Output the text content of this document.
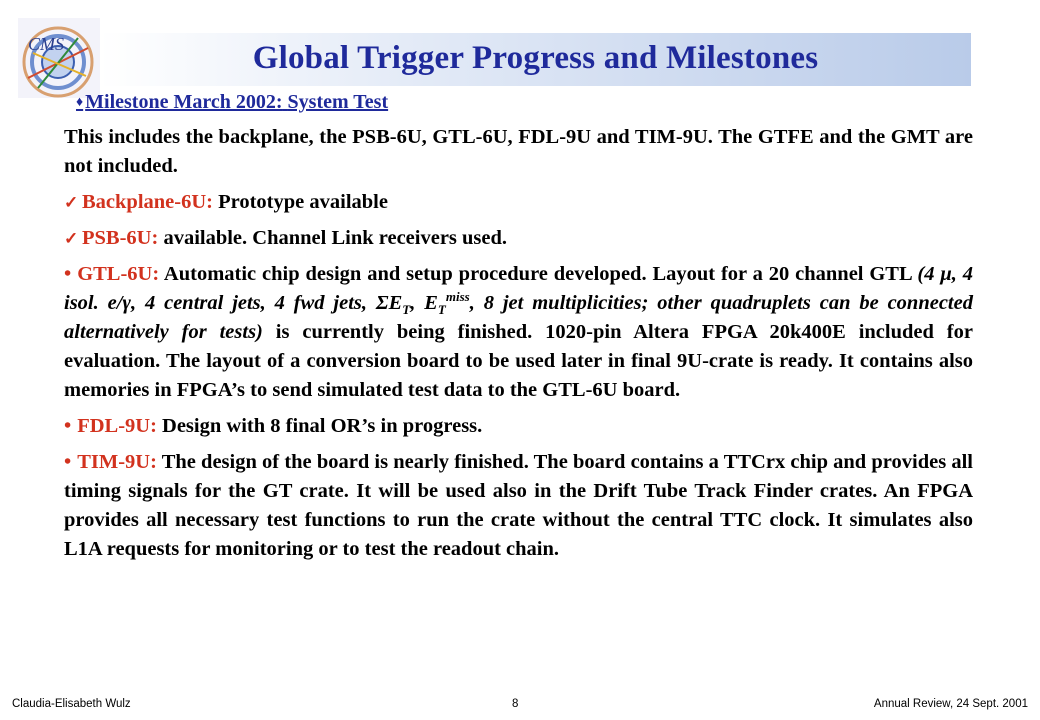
CMS	Global Trigger Progress and Milestones
♦ Milestone March 2002: System Test
This includes the backplane, the PSB-6U, GTL-6U, FDL-9U and TIM-9U. The GTFE and the GMT are not included.
✓ Backplane-6U: Prototype available
✓ PSB-6U: available. Channel Link receivers used.
• GTL-6U: Automatic chip design and setup procedure developed. Layout for a 20 channel GTL (4 μ, 4 isol. e/γ, 4 central jets, 4 fwd jets, $\Sigma E_T$, $E_T^{miss}$, 8 jet multiplicities; other quadruplets can be connected alternatively for tests) is currently being finished. 1020-pin Altera FPGA 20k400E included for evaluation. The layout of a conversion board to be used later in final 9U-crate is ready. It contains also memories in FPGA’s to send simulated test data to the GTL-6U board.
• FDL-9U: Design with 8 final OR’s in progress.
• TIM-9U: The design of the board is nearly finished. The board contains a TTCrx chip and provides all timing signals for the GT crate. It will be used also in the Drift Tube Track Finder crates. An FPGA provides all necessary test functions to run the crate without the central TTC clock. It simulates also L1A requests for monitoring or to test the readout chain.
Claudia-Elisabeth Wulz	8	Annual Review, 24 Sept. 2001
